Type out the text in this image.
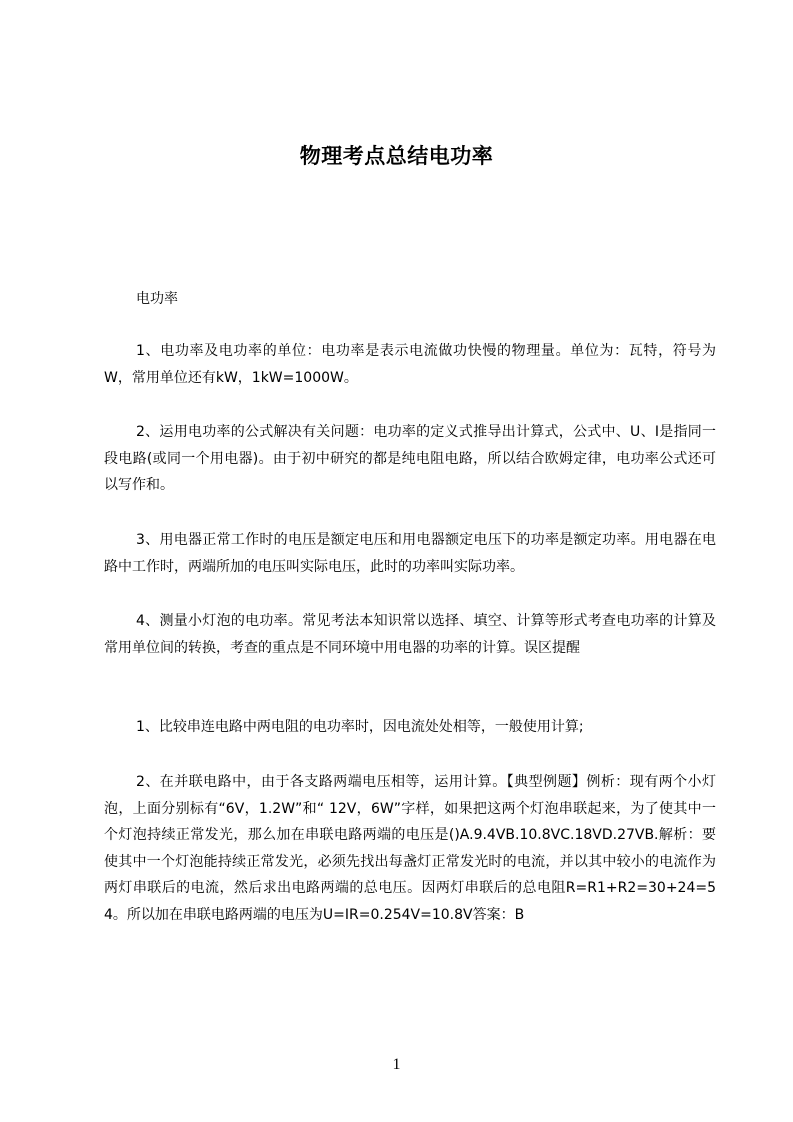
物理考点总结电功率

电功率

1、电功率及电功率的单位：电功率是表示电流做功快慢的物理量。单位为：瓦特，符号为W，常用单位还有kW，1kW=1000W。

2、运用电功率的公式解决有关问题：电功率的定义式推导出计算式，公式中、U、I是指同一段电路(或同一个用电器)。由于初中研究的都是纯电阻电路，所以结合欧姆定律，电功率公式还可以写作和。

3、用电器正常工作时的电压是额定电压和用电器额定电压下的功率是额定功率。用电器在电路中工作时，两端所加的电压叫实际电压，此时的功率叫实际功率。

4、测量小灯泡的电功率。常见考法本知识常以选择、填空、计算等形式考查电功率的计算及常用单位间的转换，考查的重点是不同环境中用电器的功率的计算。误区提醒

1、比较串连电路中两电阻的电功率时，因电流处处相等，一般使用计算;

2、在并联电路中，由于各支路两端电压相等，运用计算。【典型例题】例析：现有两个小灯泡，上面分别标有“6V，1.2W”和“ 12V，6W”字样，如果把这两个灯泡串联起来，为了使其中一个灯泡持续正常发光，那么加在串联电路两端的电压是()A.9.4VB.10.8VC.18VD.27VB.解析：要使其中一个灯泡能持续正常发光，必须先找出每盏灯正常发光时的电流，并以其中较小的电流作为两灯串联后的电流，然后求出电路两端的总电压。因两灯串联后的总电阻R=R1+R2=30+24=54。所以加在串联电路两端的电压为U=IR=0.254V=10.8V答案：B

1
